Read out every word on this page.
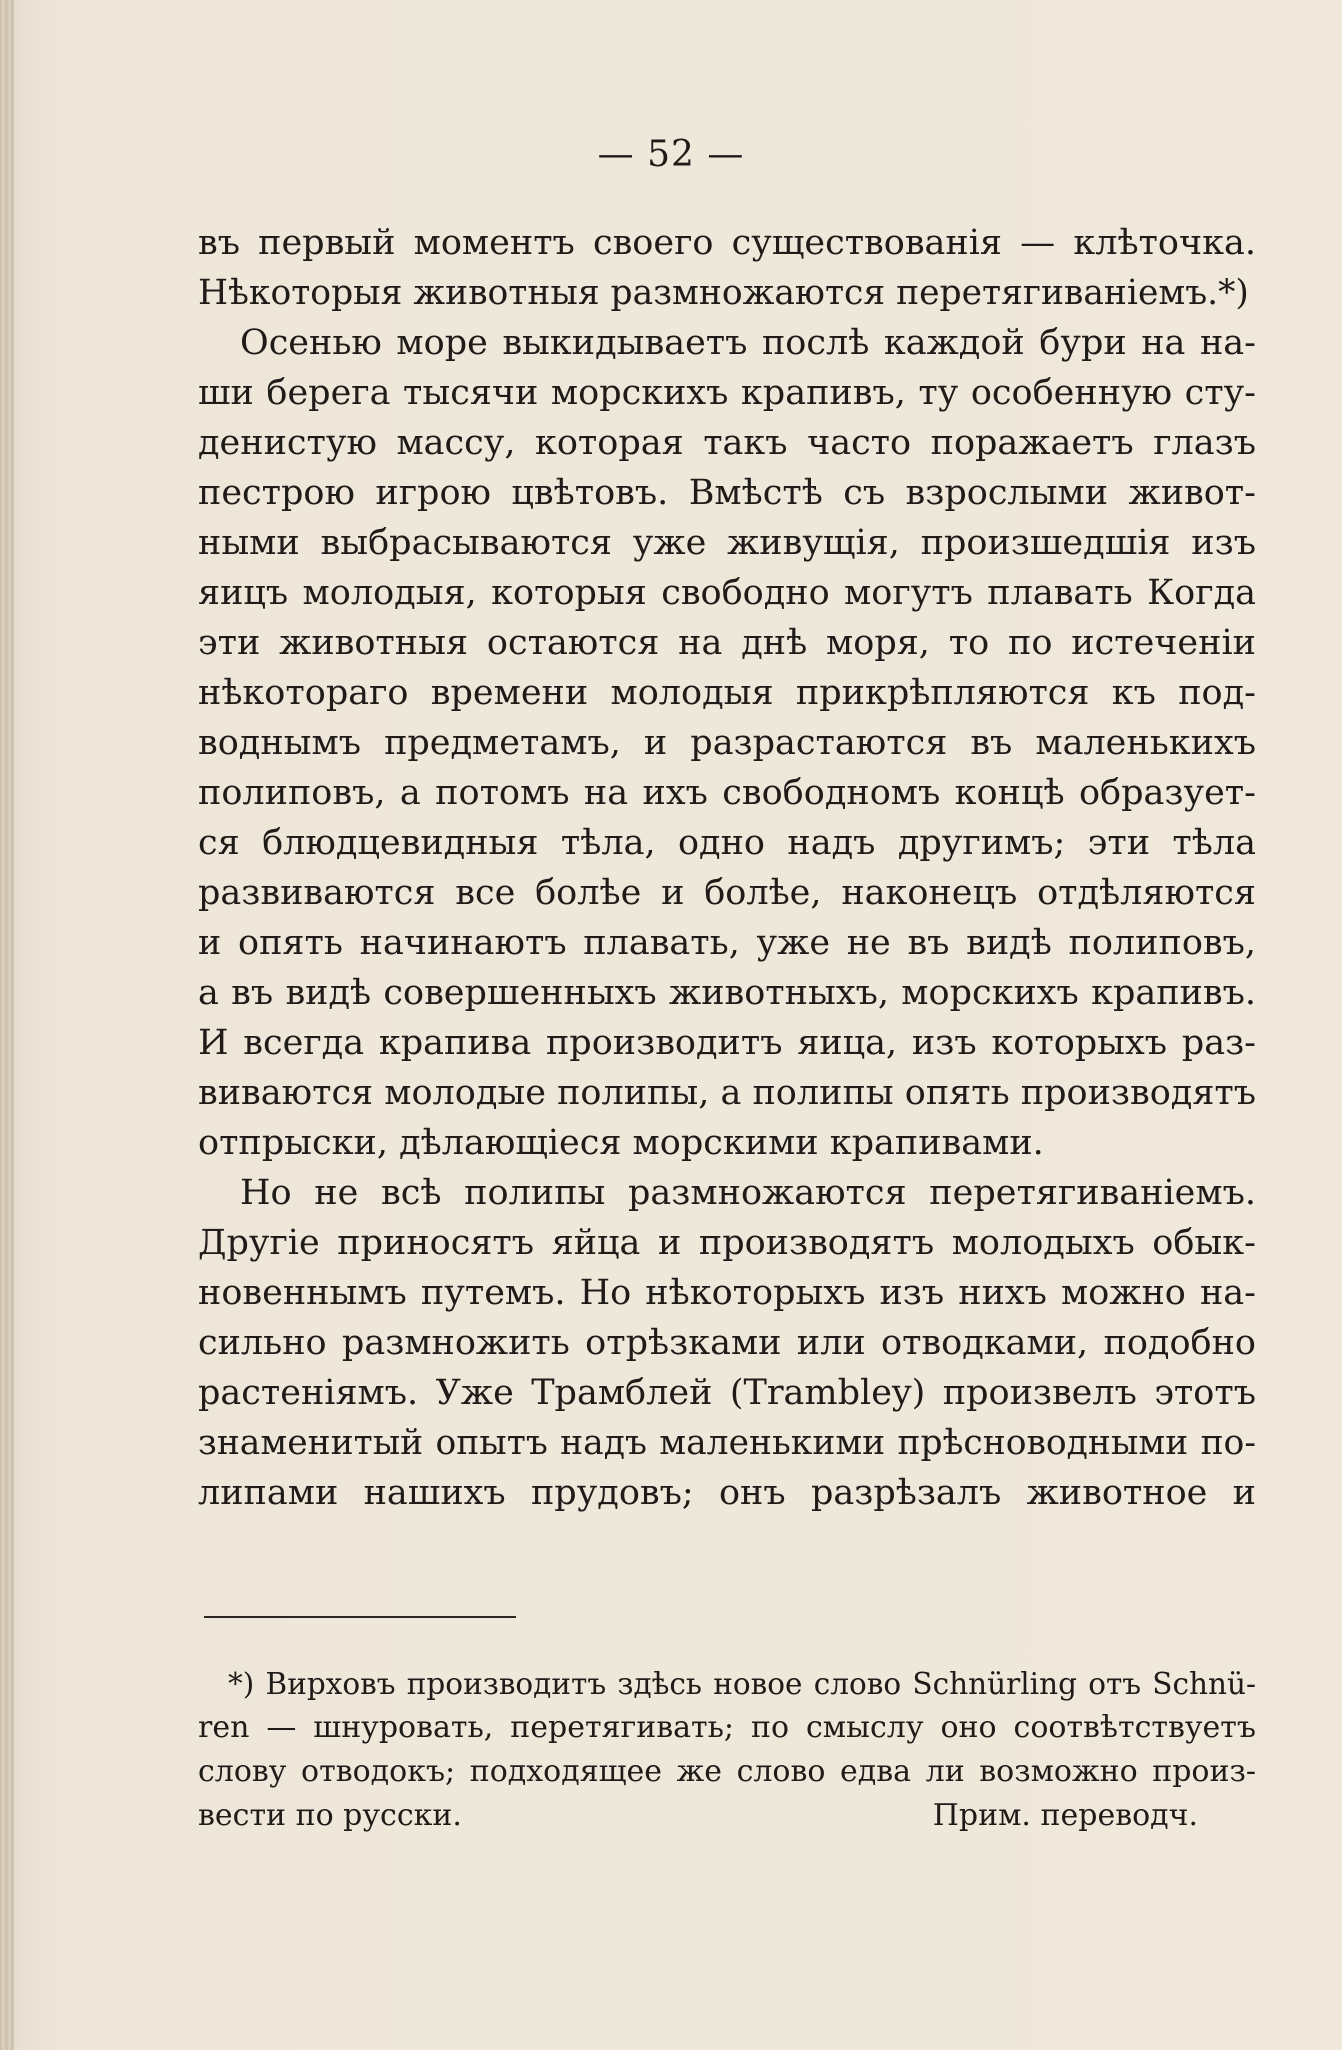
— 52 —
въ первый моментъ своего существованія — клѣточка.
Нѣкоторыя животныя размножаются перетягиваніемъ.*)
Осенью море выкидываетъ послѣ каждой бури на на-
ши берега тысячи морскихъ крапивъ, ту особенную сту-
денистую массу, которая такъ часто поражаетъ глазъ
пестрою игрою цвѣтовъ. Вмѣстѣ съ взрослыми живот-
ными выбрасываются уже живущія, произшедшія изъ
яицъ молодыя, которыя свободно могутъ плавать Когда
эти животныя остаются на днѣ моря, то по истеченіи
нѣкотораго времени молодыя прикрѣпляются къ под-
воднымъ предметамъ, и разрастаются въ маленькихъ
полиповъ, а потомъ на ихъ свободномъ концѣ образует-
ся блюдцевидныя тѣла, одно надъ другимъ; эти тѣла
развиваются все болѣе и болѣе, наконецъ отдѣляются
и опять начинаютъ плавать, уже не въ видѣ полиповъ,
а въ видѣ совершенныхъ животныхъ, морскихъ крапивъ.
И всегда крапива производитъ яица, изъ которыхъ раз-
виваются молодые полипы, а полипы опять производятъ
отпрыски, дѣлающіеся морскими крапивами.
Но не всѣ полипы размножаются перетягиваніемъ.
Другіе приносятъ яйца и производятъ молодыхъ обык-
новеннымъ путемъ. Но нѣкоторыхъ изъ нихъ можно на-
сильно размножить отрѣзками или отводками, подобно
растеніямъ. Уже Трамблей (Trambley) произвелъ этотъ
знаменитый опытъ надъ маленькими прѣсноводными по-
липами нашихъ прудовъ; онъ разрѣзалъ животное и
*) Вирховъ производитъ здѣсь новое слово Schnürling отъ Schnü-
ren — шнуровать, перетягивать; по смыслу оно соотвѣтствуетъ
слову отводокъ; подходящее же слово едва ли возможно произ-
вести по русски.	Прим. переводч.
